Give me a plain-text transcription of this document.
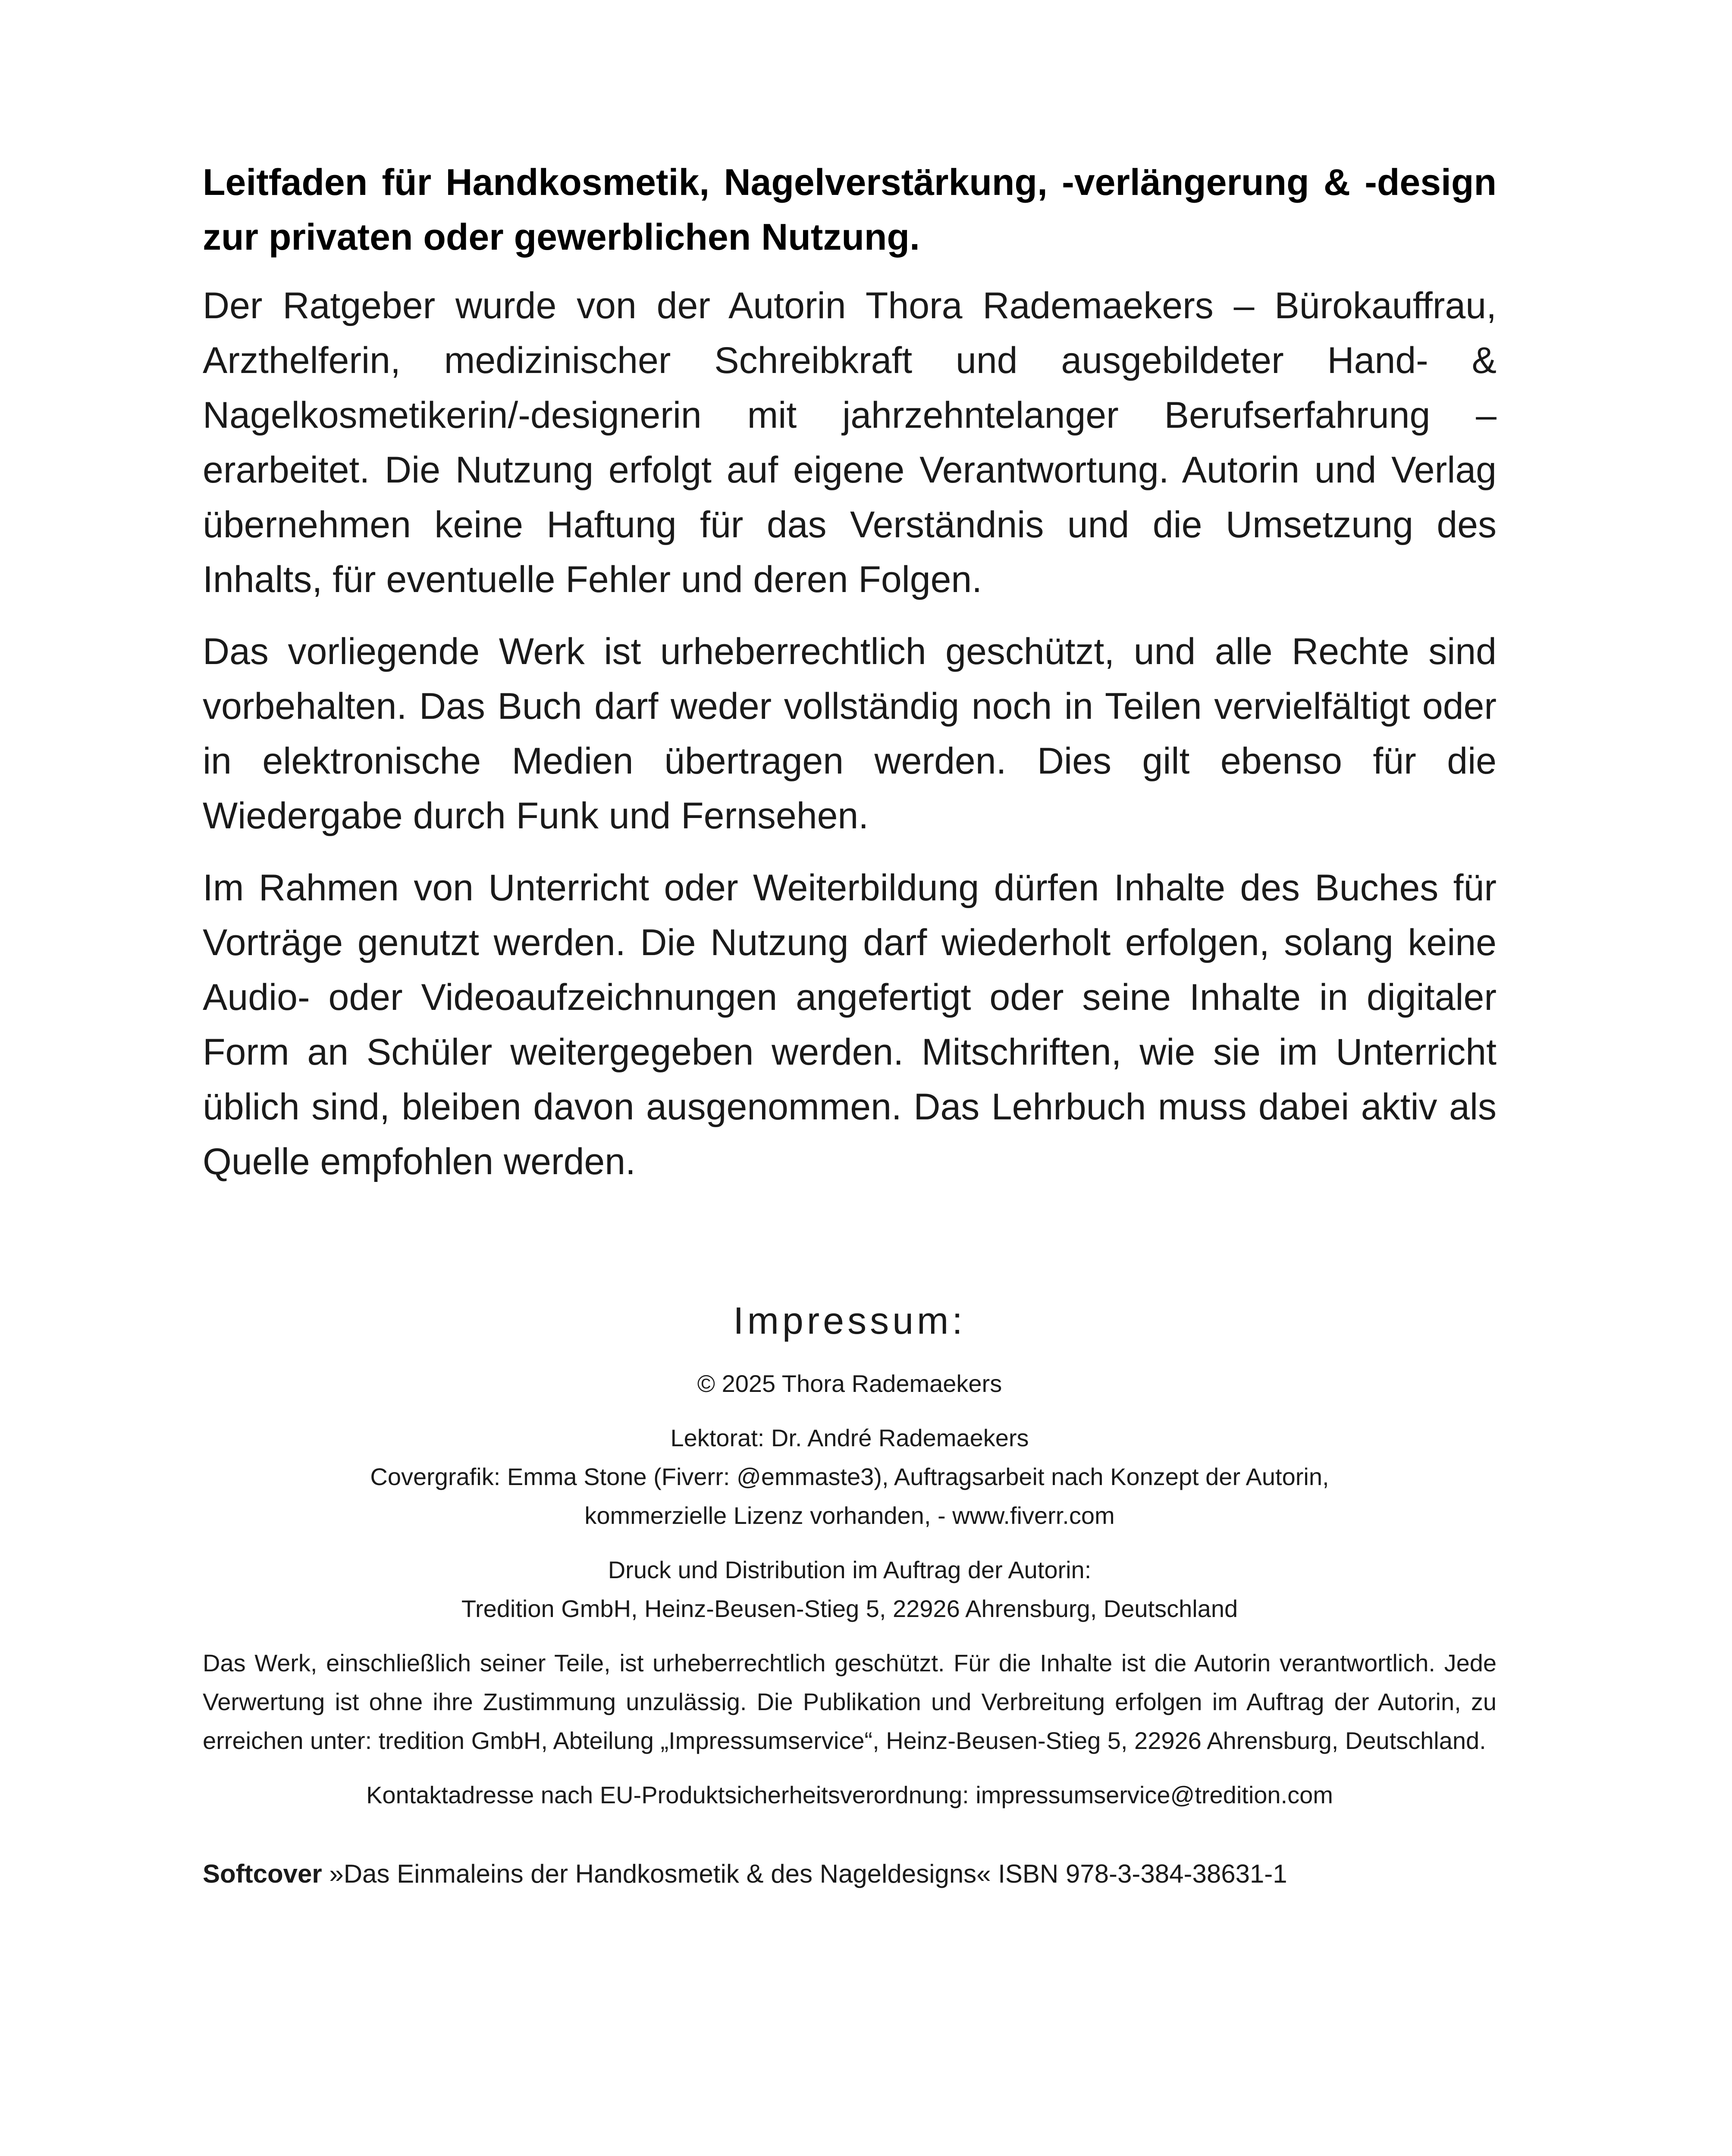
Leitfaden für Handkosmetik, Nagelverstärkung, -verlängerung & -design zur privaten oder gewerblichen Nutzung.

Der Ratgeber wurde von der Autorin Thora Rademaekers – Bürokauffrau, Arzthelferin, medizinischer Schreibkraft und ausgebildeter Hand- & Nagelkosmetikerin/-designerin mit jahrzehntelanger Berufserfahrung – erarbeitet. Die Nutzung erfolgt auf eigene Verantwortung. Autorin und Verlag übernehmen keine Haftung für das Verständnis und die Umsetzung des Inhalts, für eventuelle Fehler und deren Folgen.

Das vorliegende Werk ist urheberrechtlich geschützt, und alle Rechte sind vorbehalten. Das Buch darf weder vollständig noch in Teilen vervielfältigt oder in elektronische Medien übertragen werden. Dies gilt ebenso für die Wiedergabe durch Funk und Fernsehen.

Im Rahmen von Unterricht oder Weiterbildung dürfen Inhalte des Buches für Vorträge genutzt werden. Die Nutzung darf wiederholt erfolgen, solang keine Audio- oder Videoaufzeichnungen angefertigt oder seine Inhalte in digitaler Form an Schüler weitergegeben werden. Mitschriften, wie sie im Unterricht üblich sind, bleiben davon ausgenommen. Das Lehrbuch muss dabei aktiv als Quelle empfohlen werden.

Impressum:
© 2025 Thora Rademaekers
Lektorat: Dr. André Rademaekers
Covergrafik: Emma Stone (Fiverr: @emmaste3), Auftragsarbeit nach Konzept der Autorin,
kommerzielle Lizenz vorhanden, - www.fiverr.com
Druck und Distribution im Auftrag der Autorin:
Tredition GmbH, Heinz-Beusen-Stieg 5, 22926 Ahrensburg, Deutschland

Das Werk, einschließlich seiner Teile, ist urheberrechtlich geschützt. Für die Inhalte ist die Autorin verantwortlich. Jede Verwertung ist ohne ihre Zustimmung unzulässig. Die Publikation und Verbreitung erfolgen im Auftrag der Autorin, zu erreichen unter: tredition GmbH, Abteilung „Impressumservice“, Heinz-Beusen-Stieg 5, 22926 Ahrensburg, Deutschland.

Kontaktadresse nach EU-Produktsicherheitsverordnung: impressumservice@tredition.com
Softcover »Das Einmaleins der Handkosmetik & des Nageldesigns« ISBN 978-3-384-38631-1
